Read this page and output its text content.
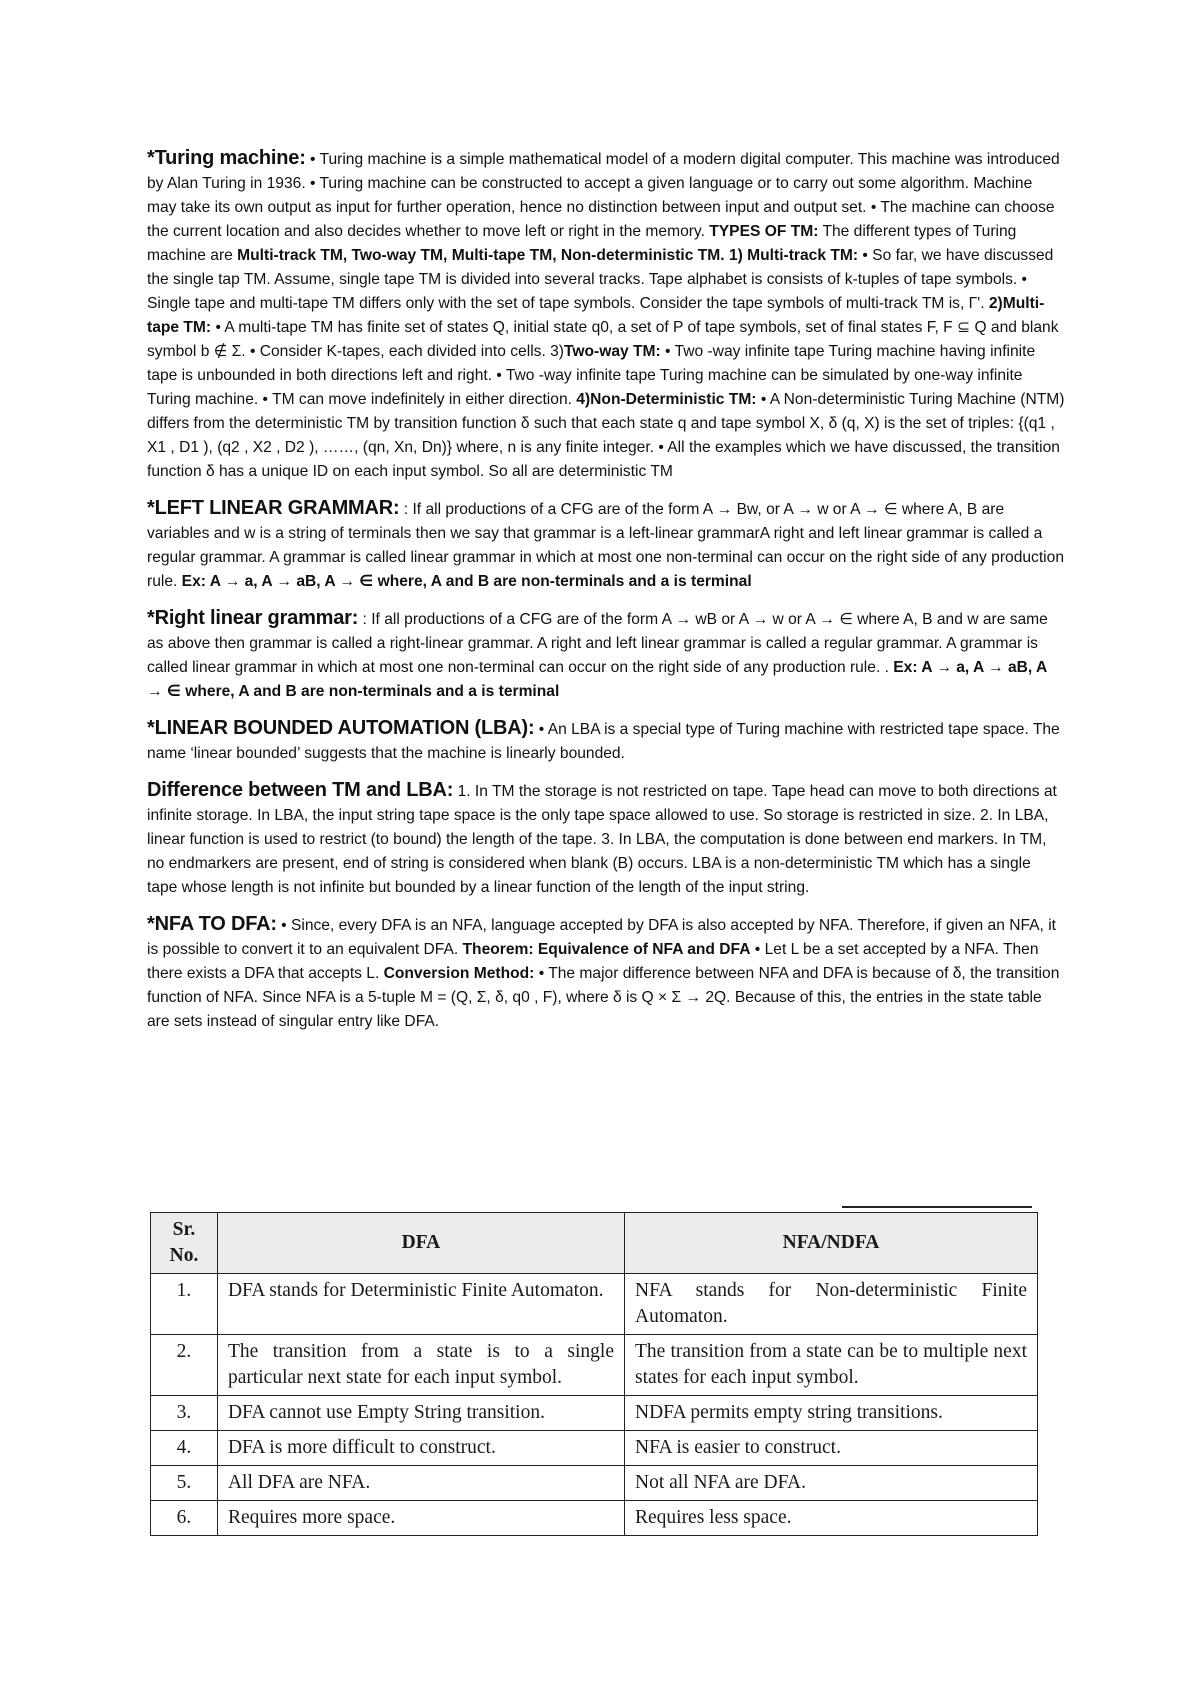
*Turing machine: • Turing machine is a simple mathematical model of a modern digital computer. This machine was introduced by Alan Turing in 1936. • Turing machine can be constructed to accept a given language or to carry out some algorithm. Machine may take its own output as input for further operation, hence no distinction between input and output set. • The machine can choose the current location and also decides whether to move left or right in the memory. TYPES OF TM: The different types of Turing machine are Multi-track TM, Two-way TM, Multi-tape TM, Non-deterministic TM. 1) Multi-track TM: • So far, we have discussed the single tap TM. Assume, single tape TM is divided into several tracks. Tape alphabet is consists of k-tuples of tape symbols. • Single tape and multi-tape TM differs only with the set of tape symbols. Consider the tape symbols of multi-track TM is, Γ'. 2)Multi-tape TM: • A multi-tape TM has finite set of states Q, initial state q0, a set of P of tape symbols, set of final states F, F ⊆ Q and blank symbol b ∉ Σ. • Consider K-tapes, each divided into cells. 3)Two-way TM: • Two -way infinite tape Turing machine having infinite tape is unbounded in both directions left and right. • Two -way infinite tape Turing machine can be simulated by one-way infinite Turing machine. • TM can move indefinitely in either direction. 4)Non-Deterministic TM: • A Non-deterministic Turing Machine (NTM) differs from the deterministic TM by transition function δ such that each state q and tape symbol X, δ (q, X) is the set of triples: {(q1 , X1 , D1 ), (q2 , X2 , D2 ), ……, (qn, Xn, Dn)} where, n is any finite integer. • All the examples which we have discussed, the transition function δ has a unique ID on each input symbol. So all are deterministic TM

*LEFT LINEAR GRAMMAR: : If all productions of a CFG are of the form A → Bw, or A → w or A → ∈ where A, B are variables and w is a string of terminals then we say that grammar is a left-linear grammarA right and left linear grammar is called a regular grammar. A grammar is called linear grammar in which at most one non-terminal can occur on the right side of any production rule. Ex: A → a, A → aB, A → ∈ where, A and B are non-terminals and a is terminal

*Right linear grammar: : If all productions of a CFG are of the form A → wB or A → w or A → ∈ where A, B and w are same as above then grammar is called a right-linear grammar. A right and left linear grammar is called a regular grammar. A grammar is called linear grammar in which at most one non-terminal can occur on the right side of any production rule. . Ex: A → a, A → aB, A → ∈ where, A and B are non-terminals and a is terminal

*LINEAR BOUNDED AUTOMATION (LBA): • An LBA is a special type of Turing machine with restricted tape space. The name ‘linear bounded’ suggests that the machine is linearly bounded.

Difference between TM and LBA: 1. In TM the storage is not restricted on tape. Tape head can move to both directions at infinite storage. In LBA, the input string tape space is the only tape space allowed to use. So storage is restricted in size. 2. In LBA, linear function is used to restrict (to bound) the length of the tape. 3. In LBA, the computation is done between end markers. In TM, no endmarkers are present, end of string is considered when blank (B) occurs. LBA is a non-deterministic TM which has a single tape whose length is not infinite but bounded by a linear function of the length of the input string.

*NFA TO DFA: • Since, every DFA is an NFA, language accepted by DFA is also accepted by NFA. Therefore, if given an NFA, it is possible to convert it to an equivalent DFA. Theorem: Equivalence of NFA and DFA • Let L be a set accepted by a NFA. Then there exists a DFA that accepts L. Conversion Method: • The major difference between NFA and DFA is because of δ, the transition function of NFA. Since NFA is a 5-tuple M = (Q, Σ, δ, q0 , F), where δ is Q × Σ → 2Q. Because of this, the entries in the state table are sets instead of singular entry like DFA.

Sr. No.	DFA	NFA/NDFA
1.	DFA stands for Deterministic Finite Automaton.	NFA stands for Non-deterministic Finite Automaton.
2.	The transition from a state is to a single particular next state for each input symbol.	The transition from a state can be to multiple next states for each input symbol.
3.	DFA cannot use Empty String transition.	NDFA permits empty string transitions.
4.	DFA is more difficult to construct.	NFA is easier to construct.
5.	All DFA are NFA.	Not all NFA are DFA.
6.	Requires more space.	Requires less space.
